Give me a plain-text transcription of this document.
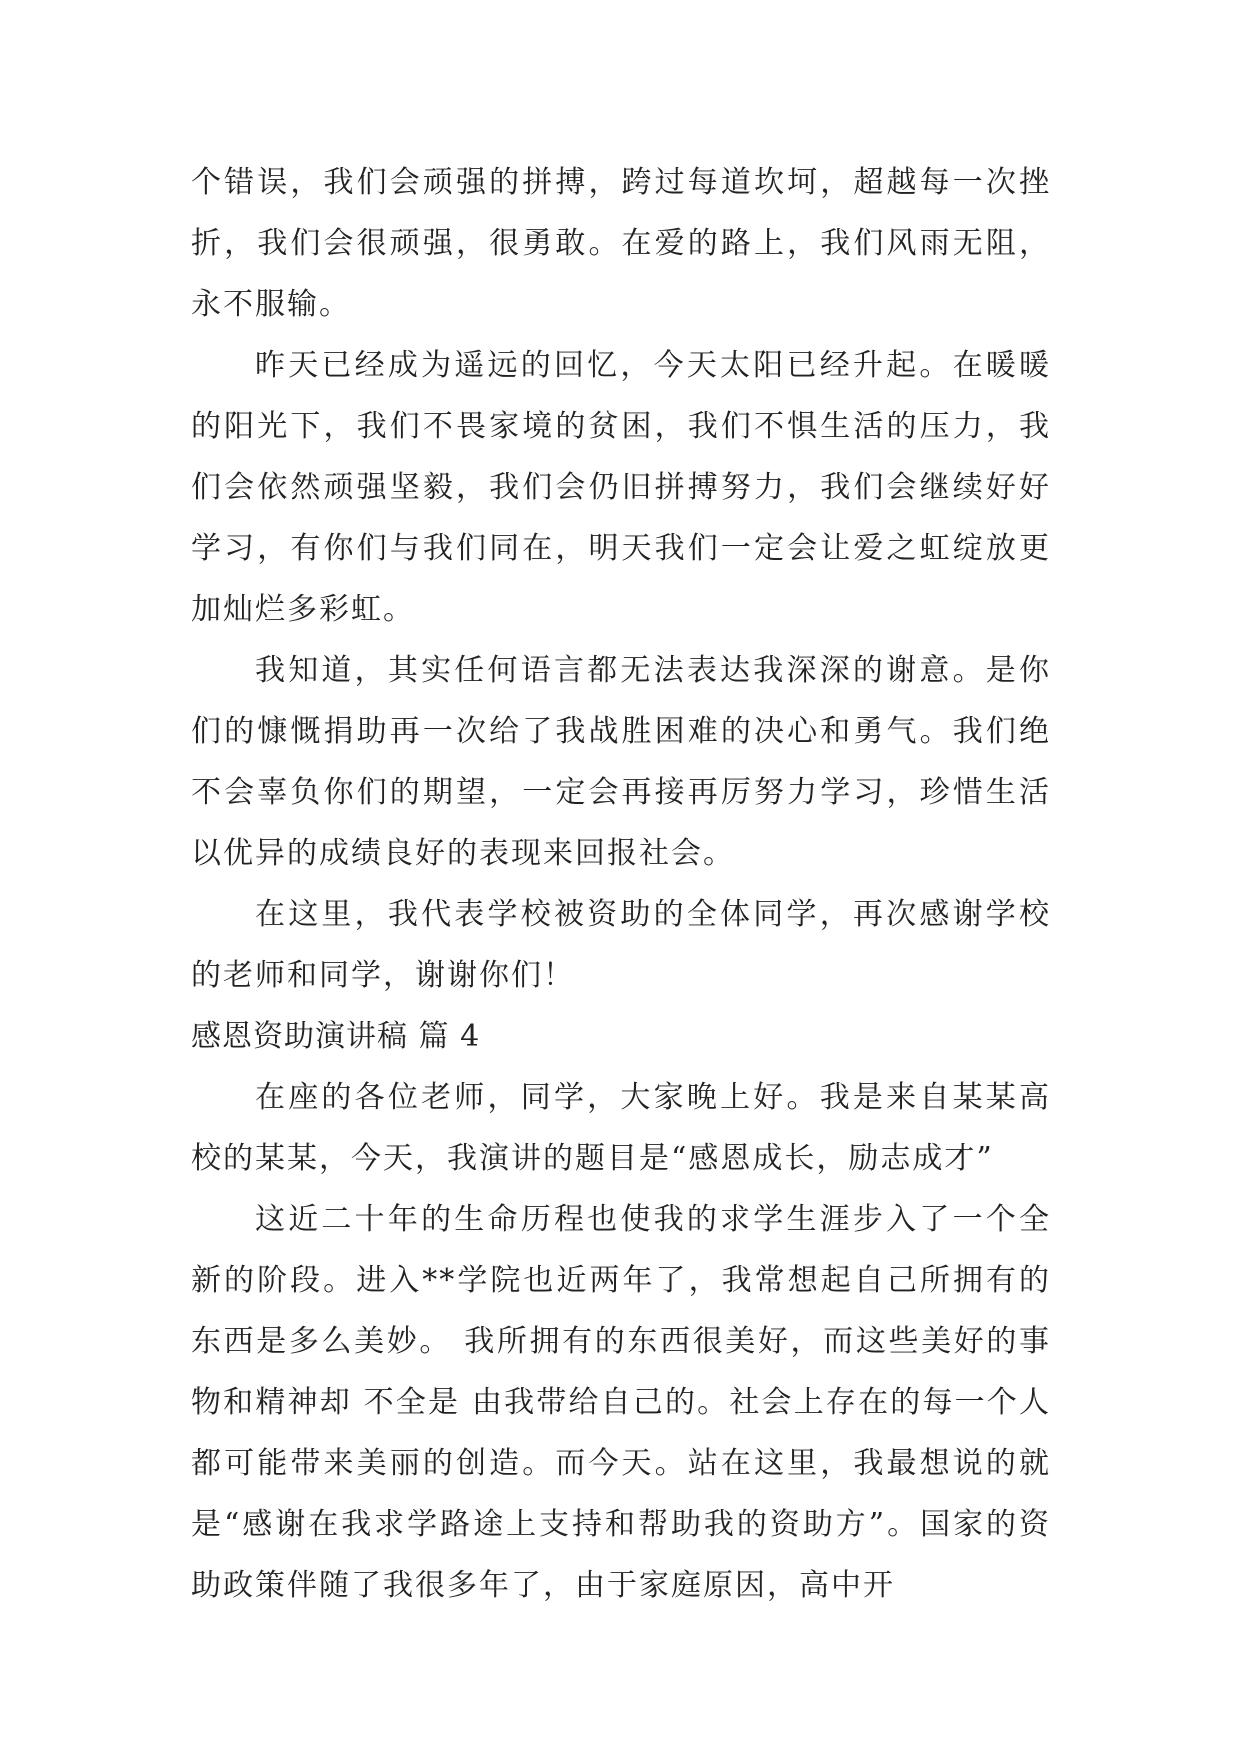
个错误，我们会顽强的拼搏，跨过每道坎坷，超越每一次挫折，我们会很顽强，很勇敢。在爱的路上，我们风雨无阻，永不服输。

昨天已经成为遥远的回忆，今天太阳已经升起。在暖暖的阳光下，我们不畏家境的贫困，我们不惧生活的压力，我们会依然顽强坚毅，我们会仍旧拼搏努力，我们会继续好好学习，有你们与我们同在，明天我们一定会让爱之虹绽放更加灿烂多彩虹。

我知道，其实任何语言都无法表达我深深的谢意。是你们的慷慨捐助再一次给了我战胜困难的决心和勇气。我们绝不会辜负你们的期望，一定会再接再厉努力学习，珍惜生活以优异的成绩良好的表现来回报社会。

在这里，我代表学校被资助的全体同学，再次感谢学校的老师和同学，谢谢你们！

感恩资助演讲稿 篇 4

在座的各位老师，同学，大家晚上好。我是来自某某高校的某某，今天，我演讲的题目是“感恩成长，励志成才”

这近二十年的生命历程也使我的求学生涯步入了一个全新的阶段。进入**学院也近两年了，我常想起自己所拥有的东西是多么美妙。 我所拥有的东西很美好，而这些美好的事物和精神却 不全是 由我带给自己的。社会上存在的每一个人都可能带来美丽的创造。而今天。站在这里，我最想说的就是“感谢在我求学路途上支持和帮助我的资助方”。国家的资助政策伴随了我很多年了，由于家庭原因，高中开
